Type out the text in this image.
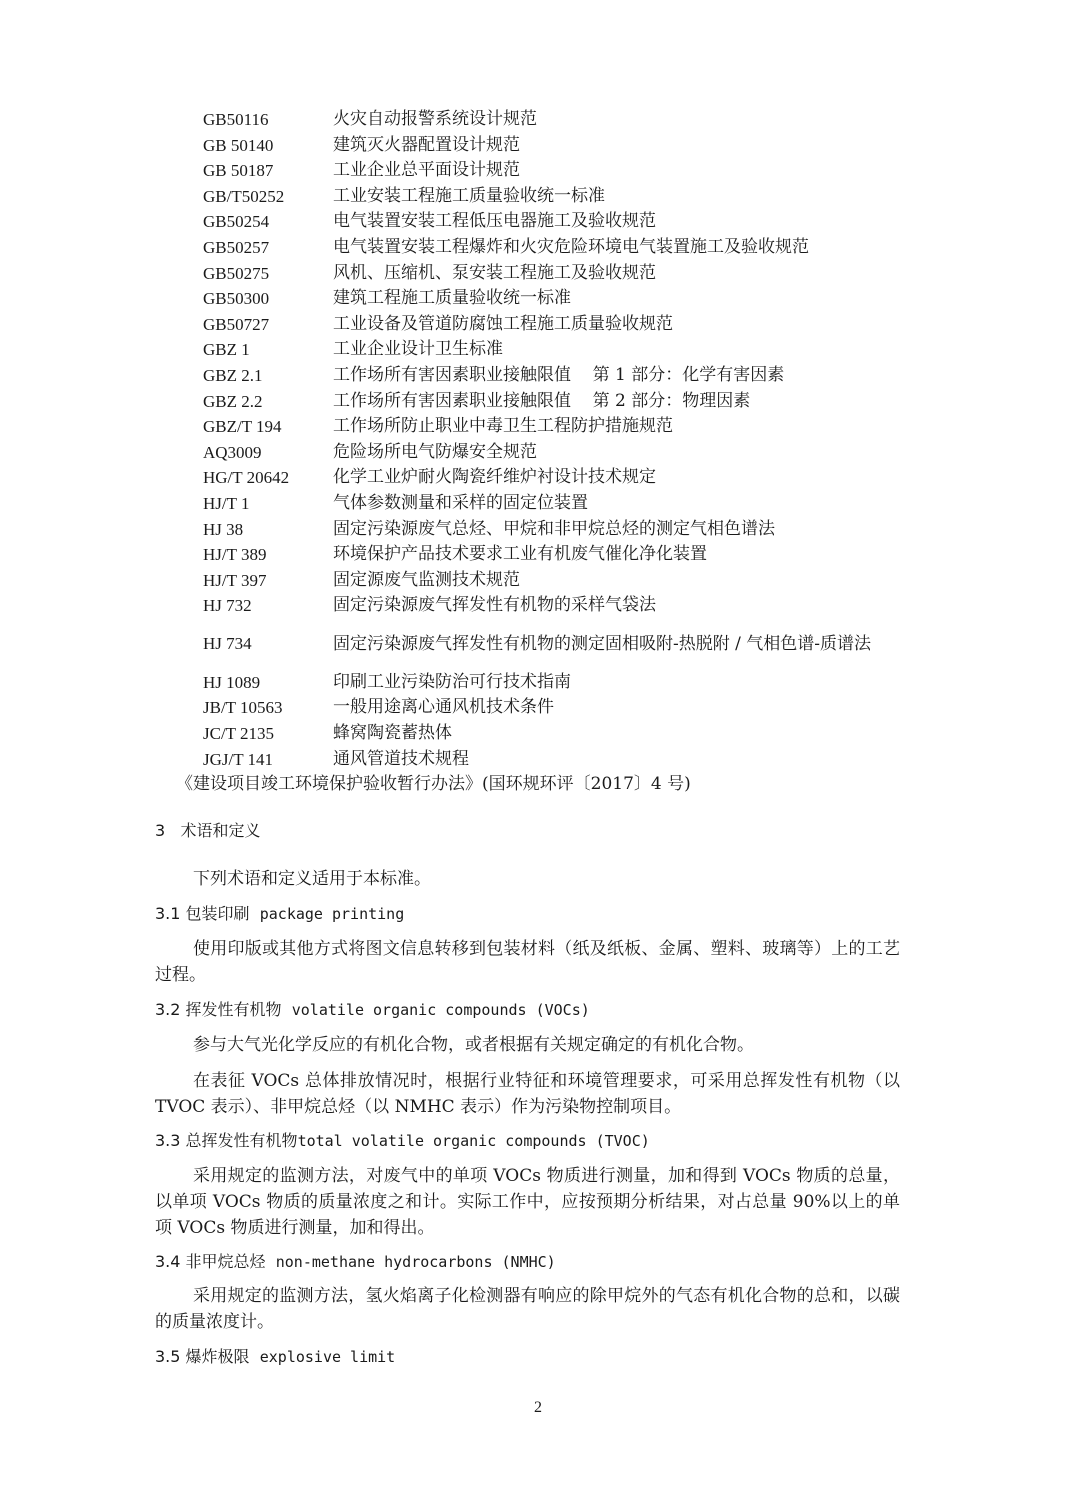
GB50116	火灾自动报警系统设计规范
GB 50140	建筑灭火器配置设计规范
GB 50187	工业企业总平面设计规范
GB/T50252	工业安装工程施工质量验收统一标准
GB50254	电气装置安装工程低压电器施工及验收规范
GB50257	电气装置安装工程爆炸和火灾危险环境电气装置施工及验收规范
GB50275	风机、压缩机、泵安装工程施工及验收规范
GB50300	建筑工程施工质量验收统一标准
GB50727	工业设备及管道防腐蚀工程施工质量验收规范
GBZ 1	工业企业设计卫生标准
GBZ 2.1	工作场所有害因素职业接触限值    第 1 部分：化学有害因素
GBZ 2.2	工作场所有害因素职业接触限值    第 2 部分：物理因素
GBZ/T 194	工作场所防止职业中毒卫生工程防护措施规范
AQ3009	危险场所电气防爆安全规范
HG/T 20642	化学工业炉耐火陶瓷纤维炉衬设计技术规定
HJ/T 1	气体参数测量和采样的固定位装置
HJ 38	固定污染源废气总烃、甲烷和非甲烷总烃的测定气相色谱法
HJ/T 389	环境保护产品技术要求工业有机废气催化净化装置
HJ/T 397	固定源废气监测技术规范
HJ 732	固定污染源废气挥发性有机物的采样气袋法
HJ 734	固定污染源废气挥发性有机物的测定固相吸附-热脱附 / 气相色谱-质谱法
HJ 1089	印刷工业污染防治可行技术指南
JB/T 10563	一般用途离心通风机技术条件
JC/T 2135	蜂窝陶瓷蓄热体
JGJ/T 141	通风管道技术规程
《建设项目竣工环境保护验收暂行办法》(国环规环评〔2017〕4 号)
3 术语和定义
下列术语和定义适用于本标准。
3.1 包装印刷 package printing
使用印版或其他方式将图文信息转移到包装材料（纸及纸板、金属、塑料、玻璃等）上的工艺过程。
3.2 挥发性有机物 volatile organic compounds (VOCs)
参与大气光化学反应的有机化合物，或者根据有关规定确定的有机化合物。
在表征 VOCs 总体排放情况时，根据行业特征和环境管理要求，可采用总挥发性有机物（以 TVOC 表示）、非甲烷总烃（以 NMHC 表示）作为污染物控制项目。
3.3 总挥发性有机物total volatile organic compounds (TVOC)
采用规定的监测方法，对废气中的单项 VOCs 物质进行测量，加和得到 VOCs 物质的总量，以单项 VOCs 物质的质量浓度之和计。实际工作中，应按预期分析结果，对占总量 90%以上的单项 VOCs 物质进行测量，加和得出。
3.4 非甲烷总烃 non-methane hydrocarbons (NMHC)
采用规定的监测方法，氢火焰离子化检测器有响应的除甲烷外的气态有机化合物的总和，以碳的质量浓度计。
3.5 爆炸极限 explosive limit
2
